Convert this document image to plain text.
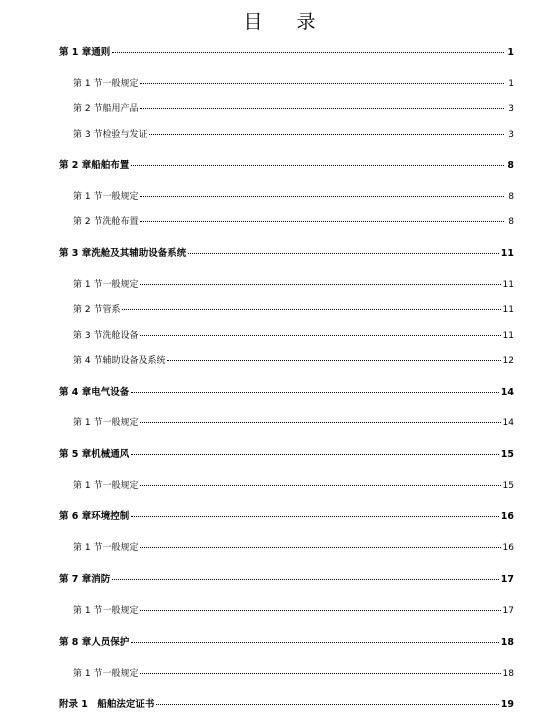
目 录
第 1 章通则	1
第 1 节一般规定	1
第 2 节船用产品	3
第 3 节检验与发证	3
第 2 章船舶布置	8
第 1 节一般规定	8
第 2 节洗舱布置	8
第 3 章洗舱及其辅助设备系统	11
第 1 节一般规定	11
第 2 节管系	11
第 3 节洗舱设备	11
第 4 节辅助设备及系统	12
第 4 章电气设备	14
第 1 节一般规定	14
第 5 章机械通风	15
第 1 节一般规定	15
第 6 章环境控制	16
第 1 节一般规定	16
第 7 章消防	17
第 1 节一般规定	17
第 8 章人员保护	18
第 1 节一般规定	18
附录 1　船舶法定证书	19
